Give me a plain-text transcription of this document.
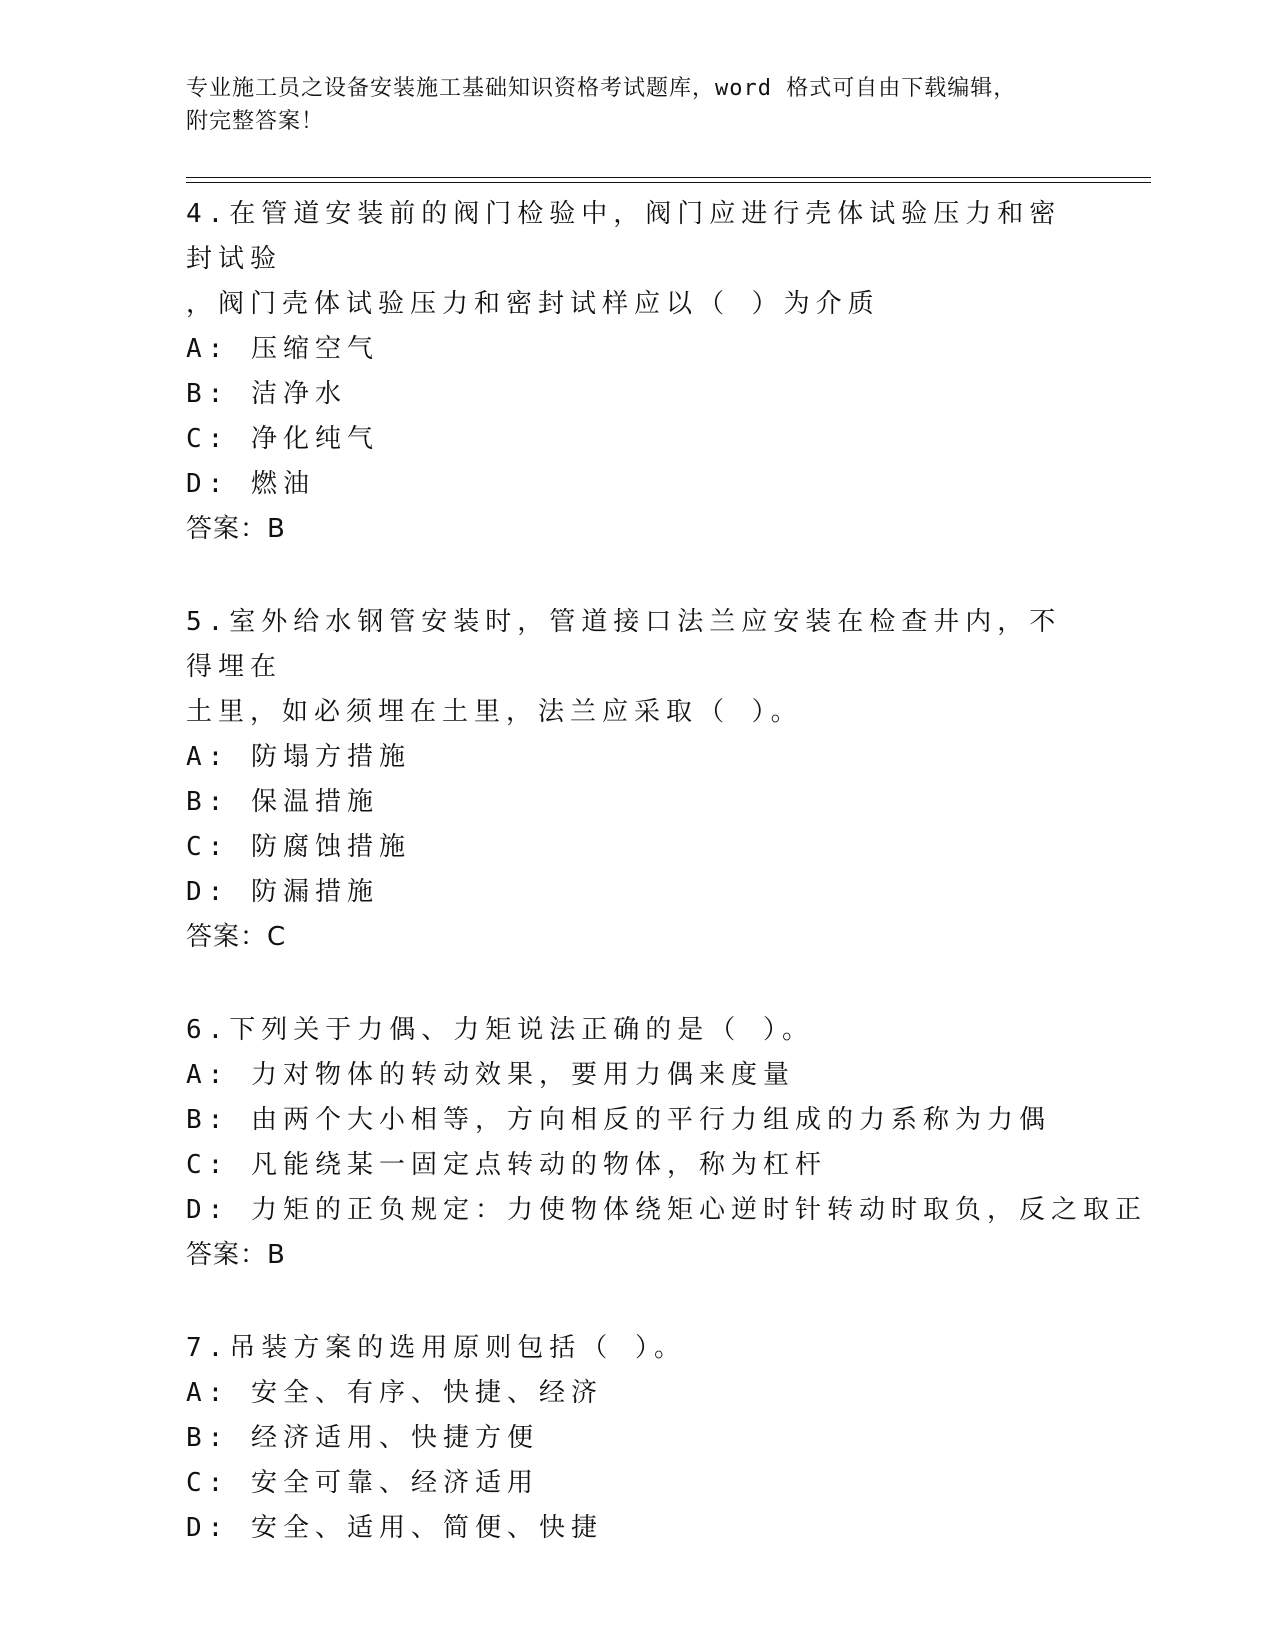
专业施工员之设备安装施工基础知识资格考试题库，word 格式可自由下载编辑，
附完整答案！
4.在管道安装前的阀门检验中，阀门应进行壳体试验压力和密封试验
，阀门壳体试验压力和密封试样应以（ ）为介质
A: 压缩空气
B: 洁净水
C: 净化纯气
D: 燃油
答案：B
5.室外给水钢管安装时，管道接口法兰应安装在检查井内，不得埋在
土里，如必须埋在土里，法兰应采取（ ）。
A: 防塌方措施
B: 保温措施
C: 防腐蚀措施
D: 防漏措施
答案：C
6.下列关于力偶、力矩说法正确的是（ ）。
A: 力对物体的转动效果，要用力偶来度量
B: 由两个大小相等，方向相反的平行力组成的力系称为力偶
C: 凡能绕某一固定点转动的物体，称为杠杆
D: 力矩的正负规定：力使物体绕矩心逆时针转动时取负，反之取正
答案：B
7.吊装方案的选用原则包括（ ）。
A: 安全、有序、快捷、经济
B: 经济适用、快捷方便
C: 安全可靠、经济适用
D: 安全、适用、简便、快捷
